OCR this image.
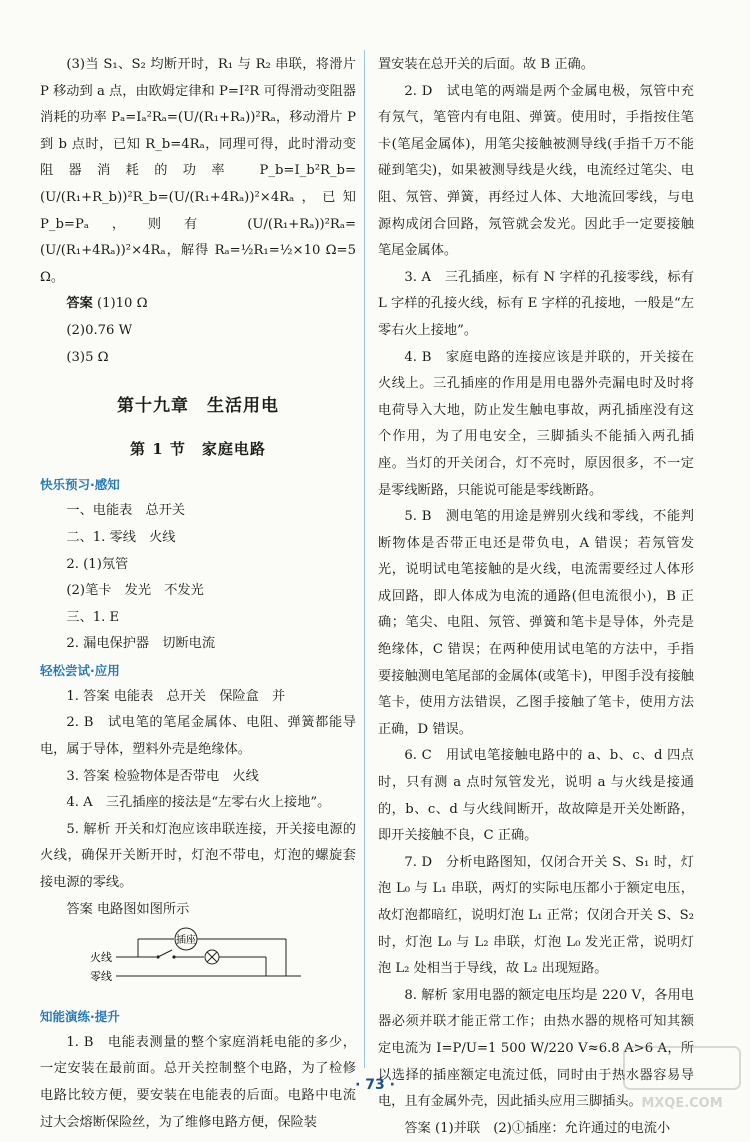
(3)当 S₁、S₂ 均断开时，R₁ 与 R₂ 串联，将滑片 P 移动到 a 点，由欧姆定律和 P=I²R 可得滑动变阻器消耗的功率 Pₐ=Iₐ²Rₐ=(U/(R₁+Rₐ))²Rₐ，移动滑片 P 到 b 点时，已知 R_b=4Rₐ，同理可得，此时滑动变阻器消耗的功率 P_b=I_b²R_b=(U/(R₁+R_b))²R_b=(U/(R₁+4Rₐ))²×4Rₐ，已知 P_b=Pₐ，则有 (U/(R₁+Rₐ))²Rₐ=(U/(R₁+4Rₐ))²×4Rₐ，解得 Rₐ=½R₁=½×10 Ω=5 Ω。

答案 (1)10 Ω

(2)0.76 W

(3)5 Ω

第十九章　生活用电
第 1 节　家庭电路
快乐预习·感知

一、电能表　总开关

二、1. 零线　火线

2. (1)氖管

(2)笔卡　发光　不发光

三、1. E

2. 漏电保护器　切断电流

轻松尝试·应用

1. 答案 电能表　总开关　保险盒　并

2. B　试电笔的笔尾金属体、电阻、弹簧都能导电，属于导体，塑料外壳是绝缘体。

3. 答案 检验物体是否带电　火线

4. A　三孔插座的接法是“左零右火上接地”。

5. 解析 开关和灯泡应该串联连接，开关接电源的火线，确保开关断开时，灯泡不带电，灯泡的螺旋套接电源的零线。

答案 电路图如图所示

火线
零线
插座
知能演练·提升

1. B　电能表测量的整个家庭消耗电能的多少，一定安装在最前面。总开关控制整个电路，为了检修电路比较方便，要安装在电能表的后面。电路中电流过大会熔断保险丝，为了维修电路方便，保险装

置安装在总开关的后面。故 B 正确。

2. D　试电笔的两端是两个金属电极，氖管中充有氖气，笔管内有电阻、弹簧。使用时，手指按住笔卡(笔尾金属体)，用笔尖接触被测导线(手指千万不能碰到笔尖)，如果被测导线是火线，电流经过笔尖、电阻、氖管、弹簧，再经过人体、大地流回零线，与电源构成闭合回路，氖管就会发光。因此手一定要接触笔尾金属体。

3. A　三孔插座，标有 N 字样的孔接零线，标有 L 字样的孔接火线，标有 E 字样的孔接地，一般是“左零右火上接地”。

4. B　家庭电路的连接应该是并联的，开关接在火线上。三孔插座的作用是用电器外壳漏电时及时将电荷导入大地，防止发生触电事故，两孔插座没有这个作用，为了用电安全，三脚插头不能插入两孔插座。当灯的开关闭合，灯不亮时，原因很多，不一定是零线断路，只能说可能是零线断路。

5. B　测电笔的用途是辨别火线和零线，不能判断物体是否带正电还是带负电，A 错误；若氖管发光，说明试电笔接触的是火线，电流需要经过人体形成回路，即人体成为电流的通路(但电流很小)，B 正确；笔尖、电阻、氖管、弹簧和笔卡是导体，外壳是绝缘体，C 错误；在两种使用试电笔的方法中，手指要接触测电笔尾部的金属体(或笔卡)，甲图手没有接触笔卡，使用方法错误，乙图手接触了笔卡，使用方法正确，D 错误。

6. C　用试电笔接触电路中的 a、b、c、d 四点时，只有测 a 点时氖管发光，说明 a 与火线是接通的，b、c、d 与火线间断开，故故障是开关处断路，即开关接触不良，C 正确。

7. D　分析电路图知，仅闭合开关 S、S₁ 时，灯泡 L₀ 与 L₁ 串联，两灯的实际电压都小于额定电压，故灯泡都暗红，说明灯泡 L₁ 正常；仅闭合开关 S、S₂ 时，灯泡 L₀ 与 L₂ 串联，灯泡 L₀ 发光正常，说明灯泡 L₂ 处相当于导线，故 L₂ 出现短路。

8. 解析 家用电器的额定电压均是 220 V，各用电器必须并联才能正常工作；由热水器的规格可知其额定电流为 I=P/U=1 500 W/220 V≈6.8 A>6 A，所以选择的插座额定电流过低，同时由于热水器容易导电，且有金属外壳，因此插头应用三脚插头。

答案 (1)并联　(2)①插座：允许通过的电流小

· 73 ·
MXQE.COM
